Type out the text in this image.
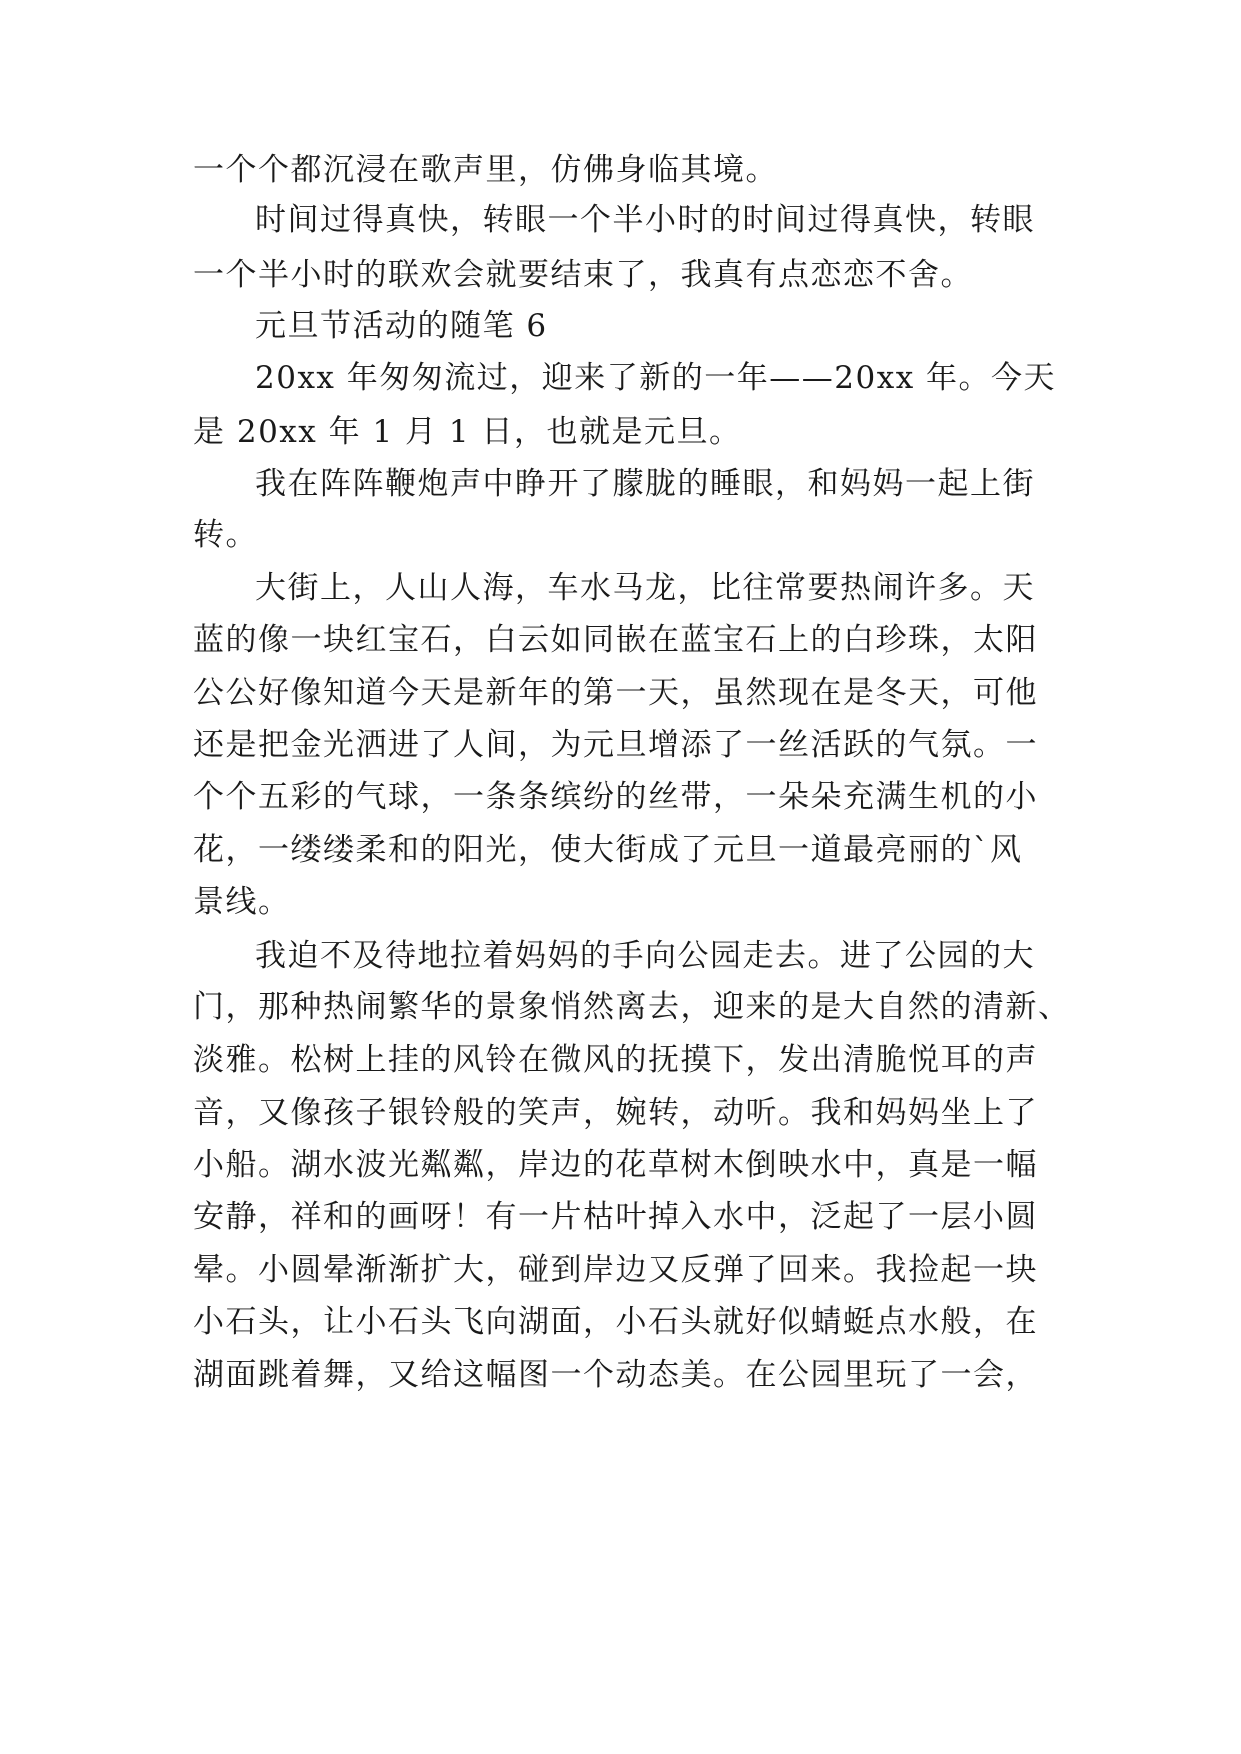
一个个都沉浸在歌声里，仿佛身临其境。
时间过得真快，转眼一个半小时的时间过得真快，转眼
一个半小时的联欢会就要结束了，我真有点恋恋不舍。
元旦节活动的随笔 6
20xx 年匆匆流过，迎来了新的一年——20xx 年。今天
是 20xx 年 1 月 1 日，也就是元旦。
我在阵阵鞭炮声中睁开了朦胧的睡眼，和妈妈一起上街
转。
大街上，人山人海，车水马龙，比往常要热闹许多。天
蓝的像一块红宝石，白云如同嵌在蓝宝石上的白珍珠，太阳
公公好像知道今天是新年的第一天，虽然现在是冬天，可他
还是把金光洒进了人间，为元旦增添了一丝活跃的气氛。一
个个五彩的气球，一条条缤纷的丝带，一朵朵充满生机的小
花，一缕缕柔和的阳光，使大街成了元旦一道最亮丽的`风
景线。
我迫不及待地拉着妈妈的手向公园走去。进了公园的大
门，那种热闹繁华的景象悄然离去，迎来的是大自然的清新、
淡雅。松树上挂的风铃在微风的抚摸下，发出清脆悦耳的声
音，又像孩子银铃般的笑声，婉转，动听。我和妈妈坐上了
小船。湖水波光粼粼，岸边的花草树木倒映水中，真是一幅
安静，祥和的画呀！有一片枯叶掉入水中，泛起了一层小圆
晕。小圆晕渐渐扩大，碰到岸边又反弹了回来。我捡起一块
小石头，让小石头飞向湖面，小石头就好似蜻蜓点水般，在
湖面跳着舞，又给这幅图一个动态美。在公园里玩了一会，
